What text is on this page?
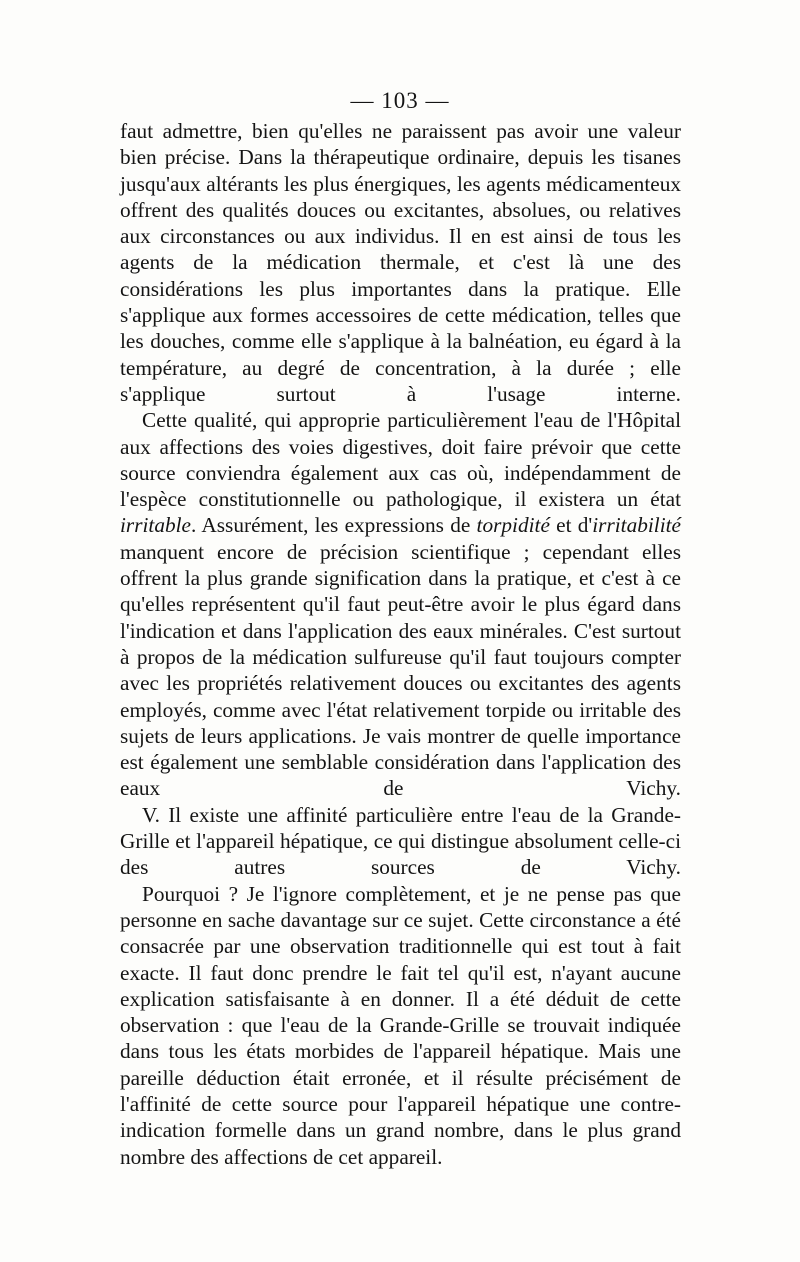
— 103 —

faut admettre, bien qu'elles ne paraissent pas avoir une valeur bien précise. Dans la thérapeutique ordinaire, depuis les tisanes jusqu'aux altérants les plus énergiques, les agents médicamenteux offrent des qualités douces ou excitantes, absolues, ou relatives aux circonstances ou aux individus. Il en est ainsi de tous les agents de la médication thermale, et c'est là une des considérations les plus importantes dans la pratique. Elle s'applique aux formes accessoires de cette médication, telles que les douches, comme elle s'applique à la balnéation, eu égard à la température, au degré de concentration, à la durée ; elle s'applique surtout à l'usage interne.

Cette qualité, qui approprie particulièrement l'eau de l'Hôpital aux affections des voies digestives, doit faire prévoir que cette source conviendra également aux cas où, indépendamment de l'espèce constitutionnelle ou pathologique, il existera un état irritable. Assurément, les expressions de torpidité et d'irritabilité manquent encore de précision scientifique ; cependant elles offrent la plus grande signification dans la pratique, et c'est à ce qu'elles représentent qu'il faut peut-être avoir le plus égard dans l'indication et dans l'application des eaux minérales. C'est surtout à propos de la médication sulfureuse qu'il faut toujours compter avec les propriétés relativement douces ou excitantes des agents employés, comme avec l'état relativement torpide ou irritable des sujets de leurs applications. Je vais montrer de quelle importance est également une semblable considération dans l'application des eaux de Vichy.

V. Il existe une affinité particulière entre l'eau de la Grande-Grille et l'appareil hépatique, ce qui distingue absolument celle-ci des autres sources de Vichy.

Pourquoi ? Je l'ignore complètement, et je ne pense pas que personne en sache davantage sur ce sujet. Cette circonstance a été consacrée par une observation traditionnelle qui est tout à fait exacte. Il faut donc prendre le fait tel qu'il est, n'ayant aucune explication satisfaisante à en donner. Il a été déduit de cette observation : que l'eau de la Grande-Grille se trouvait indiquée dans tous les états morbides de l'appareil hépatique. Mais une pareille déduction était erronée, et il résulte précisément de l'affinité de cette source pour l'appareil hépatique une contre-indication formelle dans un grand nombre, dans le plus grand nombre des affections de cet appareil.
